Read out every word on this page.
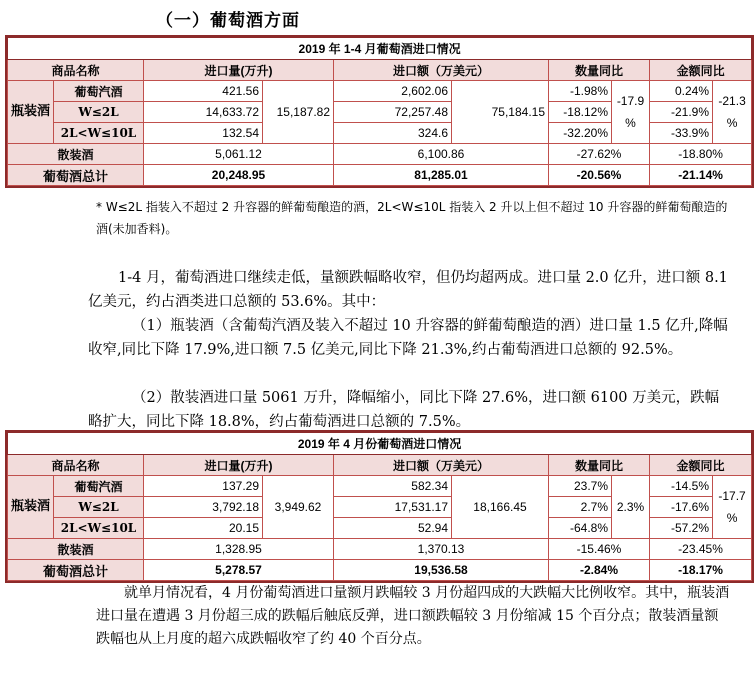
（一）葡萄酒方面
2019 年 1-4 月葡萄酒进口情况									
商品名称		进口量(万升)		进口额（万美元）		数量同比		金额同比	
瓶装酒	葡萄汽酒	421.56	15,187.82	2,602.06	75,184.15	-1.98%	-17.9 %	0.24%	-21.3 %
	W≤2L	14,633.72		72,257.48		-18.12%		-21.9%	
	2L<W≤10L	132.54		324.6		-32.20%		-33.9%	
散装酒		5,061.12		6,100.86		-27.62%		-18.80%	
葡萄酒总计		20,248.95		81,285.01		-20.56%		-21.14%	
* W≤2L 指装入不超过 2 升容器的鲜葡萄酿造的酒，2L<W≤10L 指装入 2 升以上但不超过 10 升容器的鲜葡萄酿造的酒(未加香料)。
1-4 月，葡萄酒进口继续走低，量额跌幅略收窄，但仍均超两成。进口量 2.0 亿升，进口额 8.1 亿美元，约占酒类进口总额的 53.6%。其中：
（1）瓶装酒（含葡萄汽酒及装入不超过 10 升容器的鲜葡萄酿造的酒）进口量 1.5 亿升,降幅收窄,同比下降 17.9%,进口额 7.5 亿美元,同比下降 21.3%,约占葡萄酒进口总额的 92.5%。
（2）散装酒进口量 5061 万升，降幅缩小，同比下降 27.6%，进口额 6100 万美元，跌幅略扩大，同比下降 18.8%，约占葡萄酒进口总额的 7.5%。
2019 年 4 月份葡萄酒进口情况									
商品名称		进口量(万升)		进口额（万美元）		数量同比		金额同比	
瓶装酒	葡萄汽酒	137.29	3,949.62	582.34	18,166.45	23.7%	2.3%	-14.5%	-17.7 %
	W≤2L	3,792.18		17,531.17		2.7%		-17.6%	
	2L<W≤10L	20.15		52.94		-64.8%		-57.2%	
散装酒		1,328.95		1,370.13		-15.46%		-23.45%	
葡萄酒总计		5,278.57		19,536.58		-2.84%		-18.17%	
就单月情况看，4 月份葡萄酒进口量额月跌幅较 3 月份超四成的大跌幅大比例收窄。其中，瓶装酒进口量在遭遇 3 月份超三成的跌幅后触底反弹，进口额跌幅较 3 月份缩减 15 个百分点；散装酒量额跌幅也从上月度的超六成跌幅收窄了约 40 个百分点。
